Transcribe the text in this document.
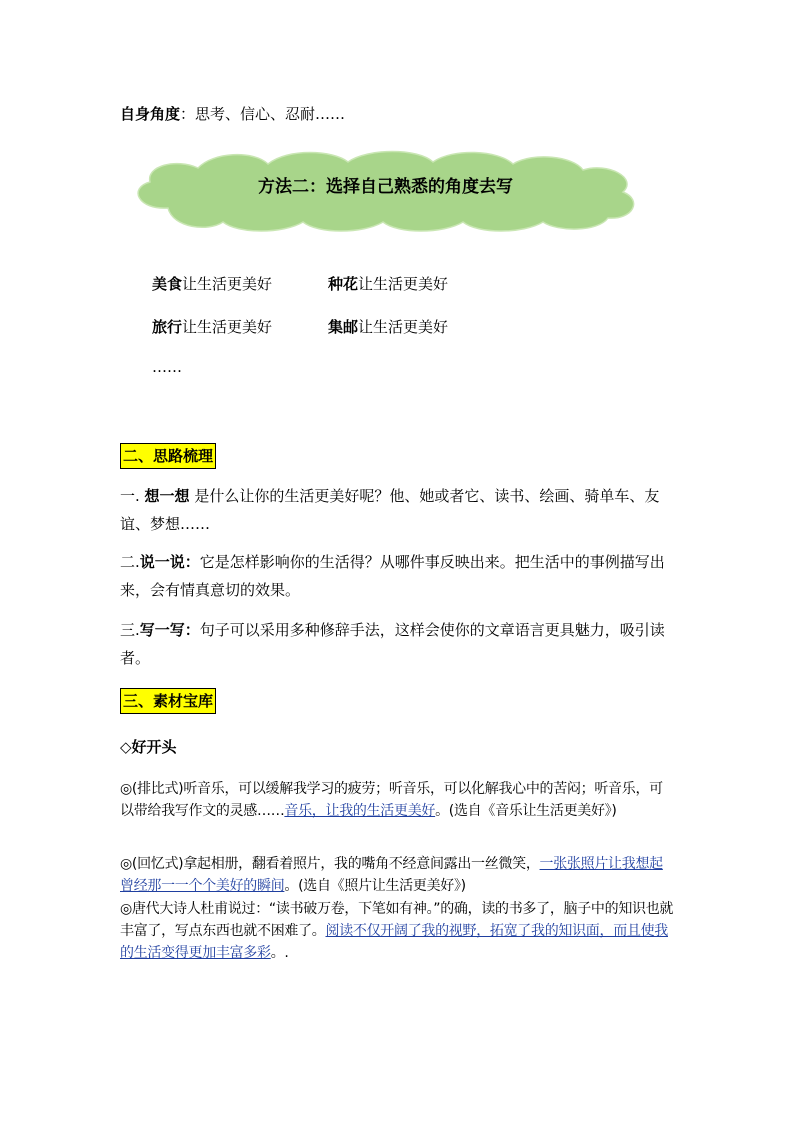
自身角度：思考、信心、忍耐……
方法二：选择自己熟悉的角度去写
美食让生活更美好	种花让生活更美好
旅行让生活更美好	集邮让生活更美好
……
二、思路梳理
一. 想一想 是什么让你的生活更美好呢？他、她或者它、读书、绘画、骑单车、友谊、梦想……
二.说一说：它是怎样影响你的生活得？从哪件事反映出来。把生活中的事例描写出来，会有情真意切的效果。
三.写一写：句子可以采用多种修辞手法，这样会使你的文章语言更具魅力，吸引读者。
三、素材宝库
◇好开头
◎(排比式)听音乐，可以缓解我学习的疲劳；听音乐，可以化解我心中的苦闷；听音乐，可以带给我写作文的灵感……音乐，让我的生活更美好。(选自《音乐让生活更美好》)
◎(回忆式)拿起相册，翻看着照片，我的嘴角不经意间露出一丝微笑，一张张照片让我想起曾经那一一个个美好的瞬间。(选自《照片让生活更美好》)
◎唐代大诗人杜甫说过：“读书破万卷，下笔如有神。”的确，读的书多了，脑子中的知识也就丰富了，写点东西也就不困难了。阅读不仅开阔了我的视野，拓宽了我的知识面，而且使我的生活变得更加丰富多彩。.
